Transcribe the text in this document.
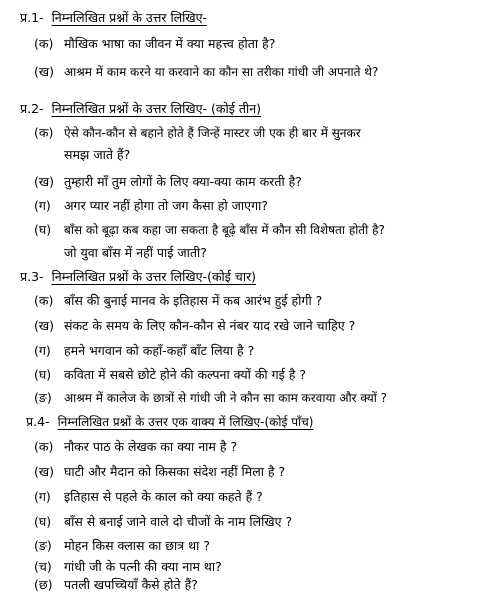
प्र.1- निम्नलिखित प्रश्नों के उत्तर लिखिए-
(क) मौखिक भाषा का जीवन में क्या महत्त्व होता है?
(ख) आश्रम में काम करने या करवाने का कौन सा तरीका गांधी जी अपनाते थे?
प्र.2- निम्नलिखित प्रश्नों के उत्तर लिखिए- (कोई तीन)
(क) ऐसे कौन-कौन से बहाने होते हैं जिन्हें मास्टर जी एक ही बार में सुनकर
समझ जाते हैं?
(ख) तुम्हारी माँ तुम लोगों के लिए क्या-क्या काम करती है?
(ग) अगर प्यार नहीं होगा तो जग कैसा हो जाएगा?
(घ) बाँस को बूढ़ा कब कहा जा सकता है बूढ़े बाँस में कौन सी विशेषता होती है?
जो युवा बाँस में नहीं पाई जाती?
प्र.3- निम्नलिखित प्रश्नों के उत्तर लिखिए-(कोई चार)
(क) बाँस की बुनाई मानव के इतिहास में कब आरंभ हुई होगी ?
(ख) संकट के समय के लिए कौन-कौन से नंबर याद रखे जाने चाहिए ?
(ग) हमने भगवान को कहाँ-कहाँ बाँट लिया है ?
(घ) कविता में सबसे छोटे होने की कल्पना क्यों की गई है ?
(ङ) आश्रम में कालेज के छात्रों से गांधी जी ने कौन सा काम करवाया और क्यों ?
प्र.4- निम्नलिखित प्रश्नों के उत्तर एक वाक्य में लिखिए-(कोई पाँच)
(क) नौकर पाठ के लेखक का क्या नाम है ?
(ख) घाटी और मैदान को किसका संदेश नहीं मिला है ?
(ग) इतिहास से पहले के काल को क्या कहते हैं ?
(घ) बाँस से बनाई जाने वाले दो चीजों के नाम लिखिए ?
(ङ) मोहन किस क्लास का छात्र था ?
(च) गांधी जी के पत्नी की क्या नाम था?
(छ) पतली खपच्चियाँ कैसे होते हैं?
